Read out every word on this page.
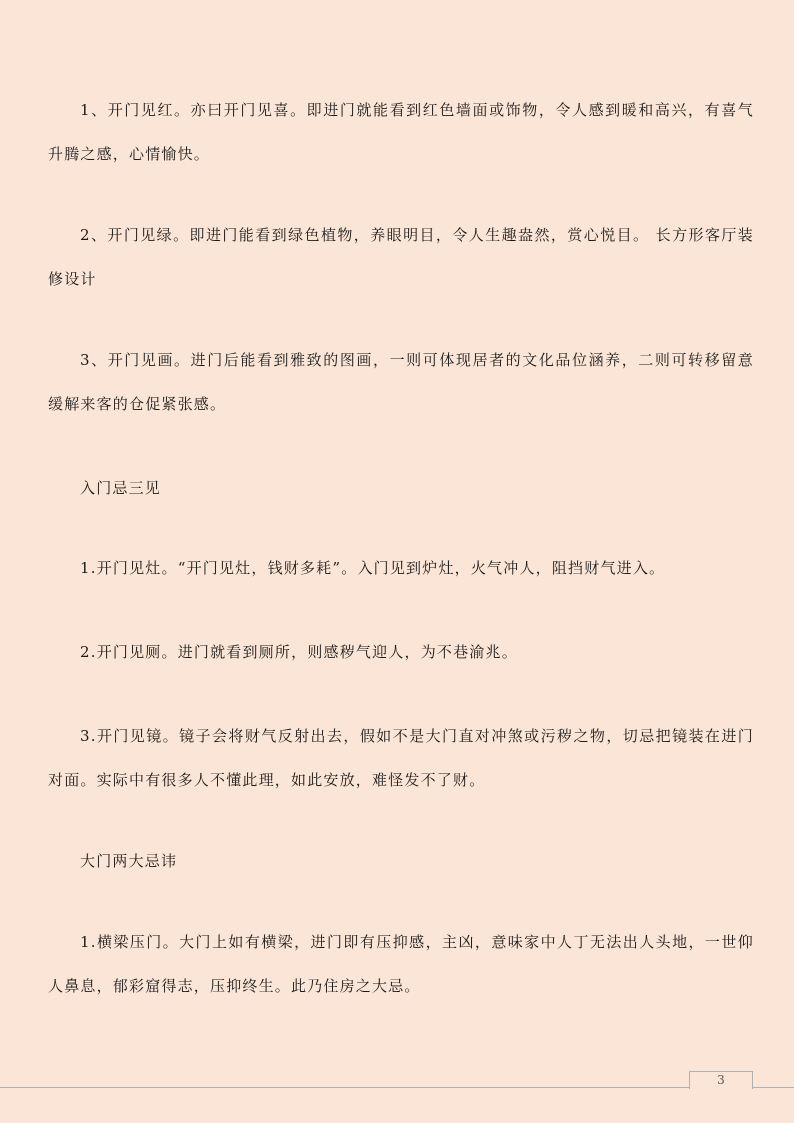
1、开门见红。亦曰开门见喜。即进门就能看到红色墙面或饰物，令人感到暖和高兴，有喜气升腾之感，心情愉快。

2、开门见绿。即进门能看到绿色植物，养眼明目，令人生趣盎然，赏心悦目。 长方形客厅装修设计

3、开门见画。进门后能看到雅致的图画，一则可体现居者的文化品位涵养，二则可转移留意缓解来客的仓促紧张感。

入门忌三见

1.开门见灶。“开门见灶，钱财多耗”。入门见到炉灶，火气冲人，阻挡财气进入。

2.开门见厕。进门就看到厕所，则感秽气迎人，为不巷渝兆。

3.开门见镜。镜子会将财气反射出去，假如不是大门直对冲煞或污秽之物，切忌把镜装在进门对面。实际中有很多人不懂此理，如此安放，难怪发不了财。

大门两大忌讳

1.横梁压门。大门上如有横梁，进门即有压抑感，主凶，意味家中人丁无法出人头地，一世仰人鼻息，郁彩窟得志，压抑终生。此乃住房之大忌。

3
